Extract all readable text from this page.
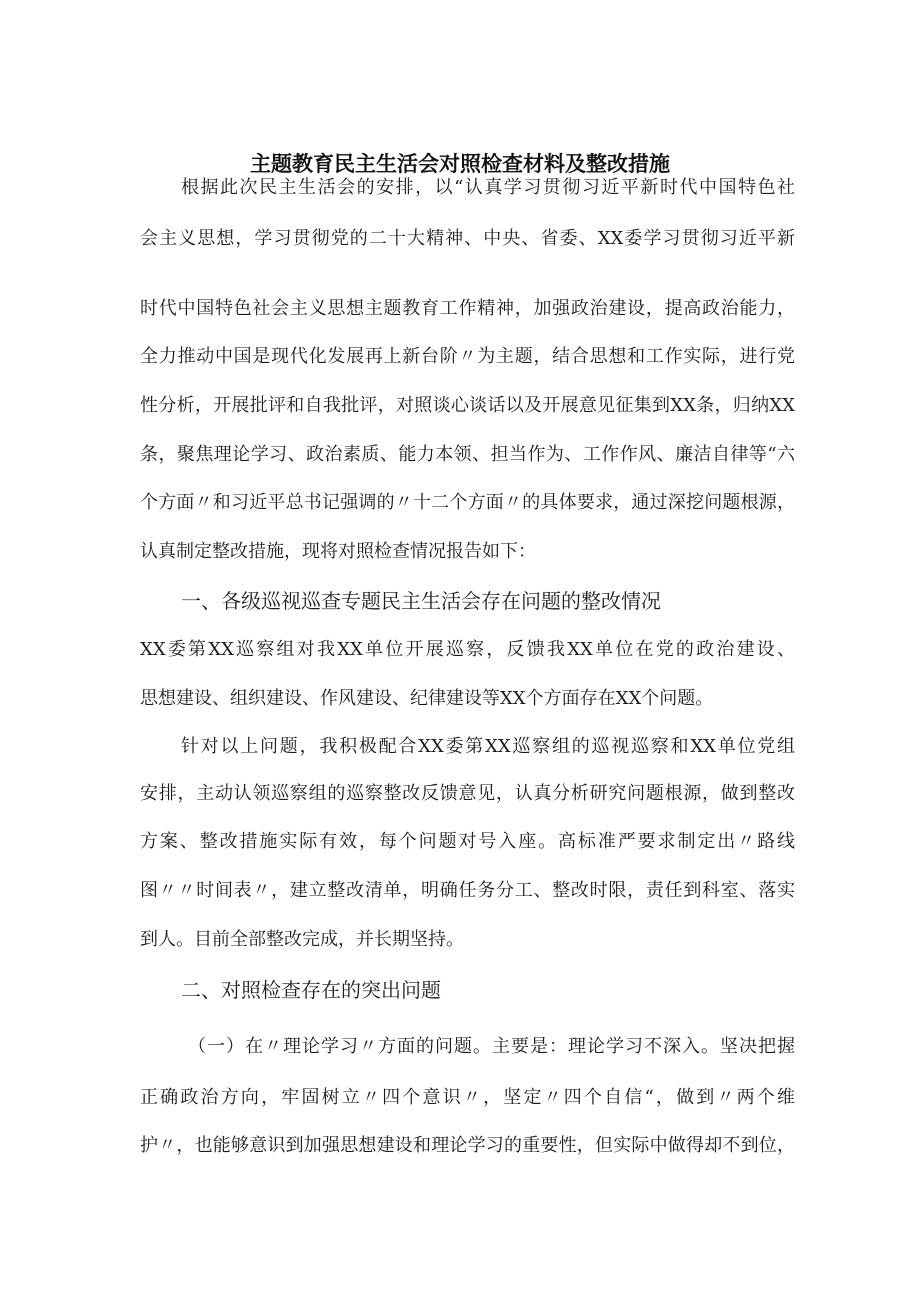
主题教育民主生活会对照检查材料及整改措施
根据此次民主生活会的安排，以“认真学习贯彻习近平新时代中国特色社
会主义思想，学习贯彻党的二十大精神、中央、省委、XX委学习贯彻习近平新
时代中国特色社会主义思想主题教育工作精神，加强政治建设，提高政治能力，
全力推动中国是现代化发展再上新台阶〃为主题，结合思想和工作实际，进行党
性分析，开展批评和自我批评，对照谈心谈话以及开展意见征集到XX条，归纳XX
条，聚焦理论学习、政治素质、能力本领、担当作为、工作作风、廉洁自律等“六
个方面〃和习近平总书记强调的〃十二个方面〃的具体要求，通过深挖问题根源，
认真制定整改措施，现将对照检查情况报告如下：
一、各级巡视巡查专题民主生活会存在问题的整改情况
XX委第XX巡察组对我XX单位开展巡察，反馈我XX单位在党的政治建设、
思想建设、组织建设、作风建设、纪律建设等XX个方面存在XX个问题。
针对以上问题，我积极配合XX委第XX巡察组的巡视巡察和XX单位党组
安排，主动认领巡察组的巡察整改反馈意见，认真分析研究问题根源，做到整改
方案、整改措施实际有效，每个问题对号入座。高标准严要求制定出〃路线
图〃〃时间表〃，建立整改清单，明确任务分工、整改时限，责任到科室、落实
到人。目前全部整改完成，并长期坚持。
二、对照检查存在的突出问题
（一）在〃理论学习〃方面的问题。主要是：理论学习不深入。坚决把握
正确政治方向，牢固树立〃四个意识〃，坚定〃四个自信“，做到〃两个维
护〃，也能够意识到加强思想建设和理论学习的重要性，但实际中做得却不到位，
